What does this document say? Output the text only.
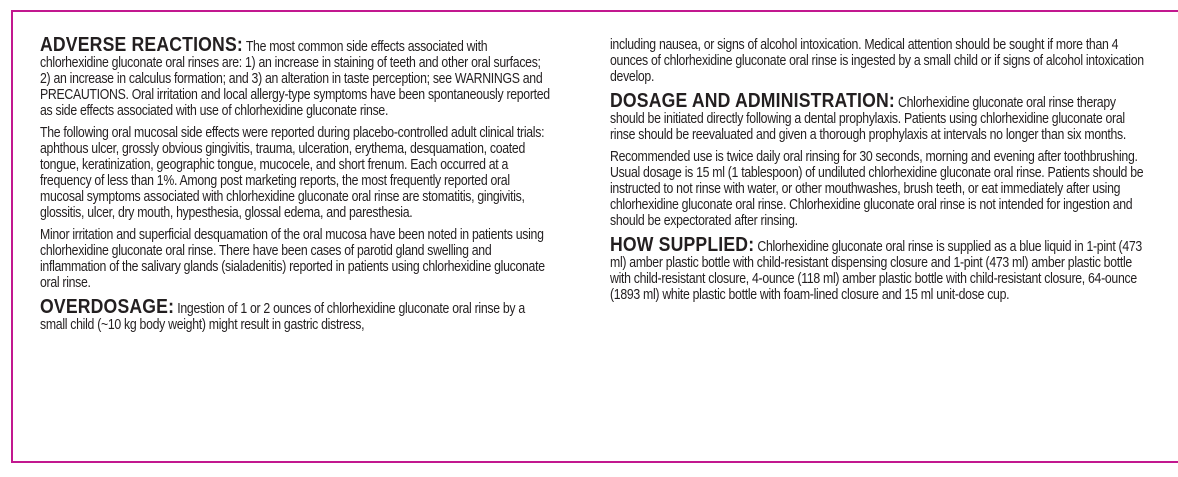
ADVERSE REACTIONS: The most common side effects associated with chlorhexidine gluconate oral rinses are: 1) an increase in staining of teeth and other oral surfaces; 2) an increase in calculus formation; and 3) an alteration in taste perception; see WARNINGS and PRECAUTIONS. Oral irritation and local allergy-type symptoms have been spontaneously reported as side effects associated with use of chlorhexidine gluconate rinse.

The following oral mucosal side effects were reported during placebo-controlled adult clinical trials: aphthous ulcer, grossly obvious gingivitis, trauma, ulceration, erythema, desquamation, coated tongue, keratinization, geographic tongue, mucocele, and short frenum. Each occurred at a frequency of less than 1%. Among post marketing reports, the most frequently reported oral mucosal symptoms associated with chlorhexidine gluconate oral rinse are stomatitis, gingivitis, glossitis, ulcer, dry mouth, hypesthesia, glossal edema, and paresthesia.

Minor irritation and superficial desquamation of the oral mucosa have been noted in patients using chlorhexidine gluconate oral rinse. There have been cases of parotid gland swelling and inflammation of the salivary glands (sialadenitis) reported in patients using chlorhexidine gluconate oral rinse.

OVERDOSAGE: Ingestion of 1 or 2 ounces of chlorhexidine gluconate oral rinse by a small child (~10 kg body weight) might result in gastric distress,

including nausea, or signs of alcohol intoxication. Medical attention should be sought if more than 4 ounces of chlorhexidine gluconate oral rinse is ingested by a small child or if signs of alcohol intoxication develop.

DOSAGE AND ADMINISTRATION: Chlorhexidine gluconate oral rinse therapy should be initiated directly following a dental prophylaxis. Patients using chlorhexidine gluconate oral rinse should be reevaluated and given a thorough prophylaxis at intervals no longer than six months.

Recommended use is twice daily oral rinsing for 30 seconds, morning and evening after toothbrushing. Usual dosage is 15 ml (1 tablespoon) of undiluted chlorhexidine gluconate oral rinse. Patients should be instructed to not rinse with water, or other mouthwashes, brush teeth, or eat immediately after using chlorhexidine gluconate oral rinse. Chlorhexidine gluconate oral rinse is not intended for ingestion and should be expectorated after rinsing.

HOW SUPPLIED: Chlorhexidine gluconate oral rinse is supplied as a blue liquid in 1-pint (473 ml) amber plastic bottle with child-resistant dispensing closure and 1-pint (473 ml) amber plastic bottle with child-resistant closure, 4-ounce (118 ml) amber plastic bottle with child-resistant closure, 64-ounce (1893 ml) white plastic bottle with foam-lined closure and 15 ml unit-dose cup.
